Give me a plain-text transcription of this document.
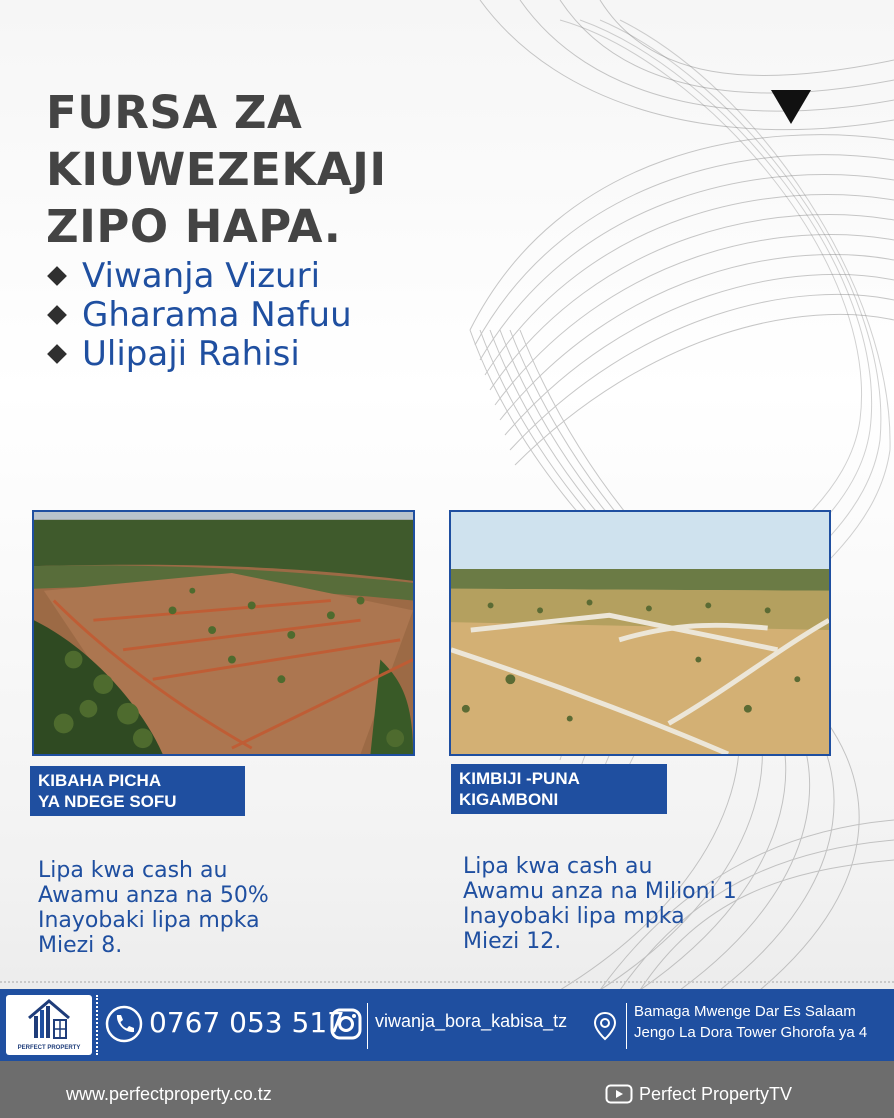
FURSA ZA
KIUWEZEKAJI
ZIPO HAPA.
Viwanja Vizuri
Gharama Nafuu
Ulipaji Rahisi
KIBAHA PICHA
YA NDEGE SOFU
KIMBIJI -PUNA
KIGAMBONI
Lipa kwa cash au
Awamu anza na 50%
Inayobaki lipa mpka
Miezi 8.
Lipa kwa cash au
Awamu anza na Milioni 1
Inayobaki lipa mpka
Miezi 12.
PERFECT PROPERTY
0767 053 517 viwanja_bora_kabisa_tz	Bamaga Mwenge Dar Es Salaam
Jengo La Dora Tower Ghorofa ya 4
www.perfectproperty.co.tz	Perfect PropertyTV
